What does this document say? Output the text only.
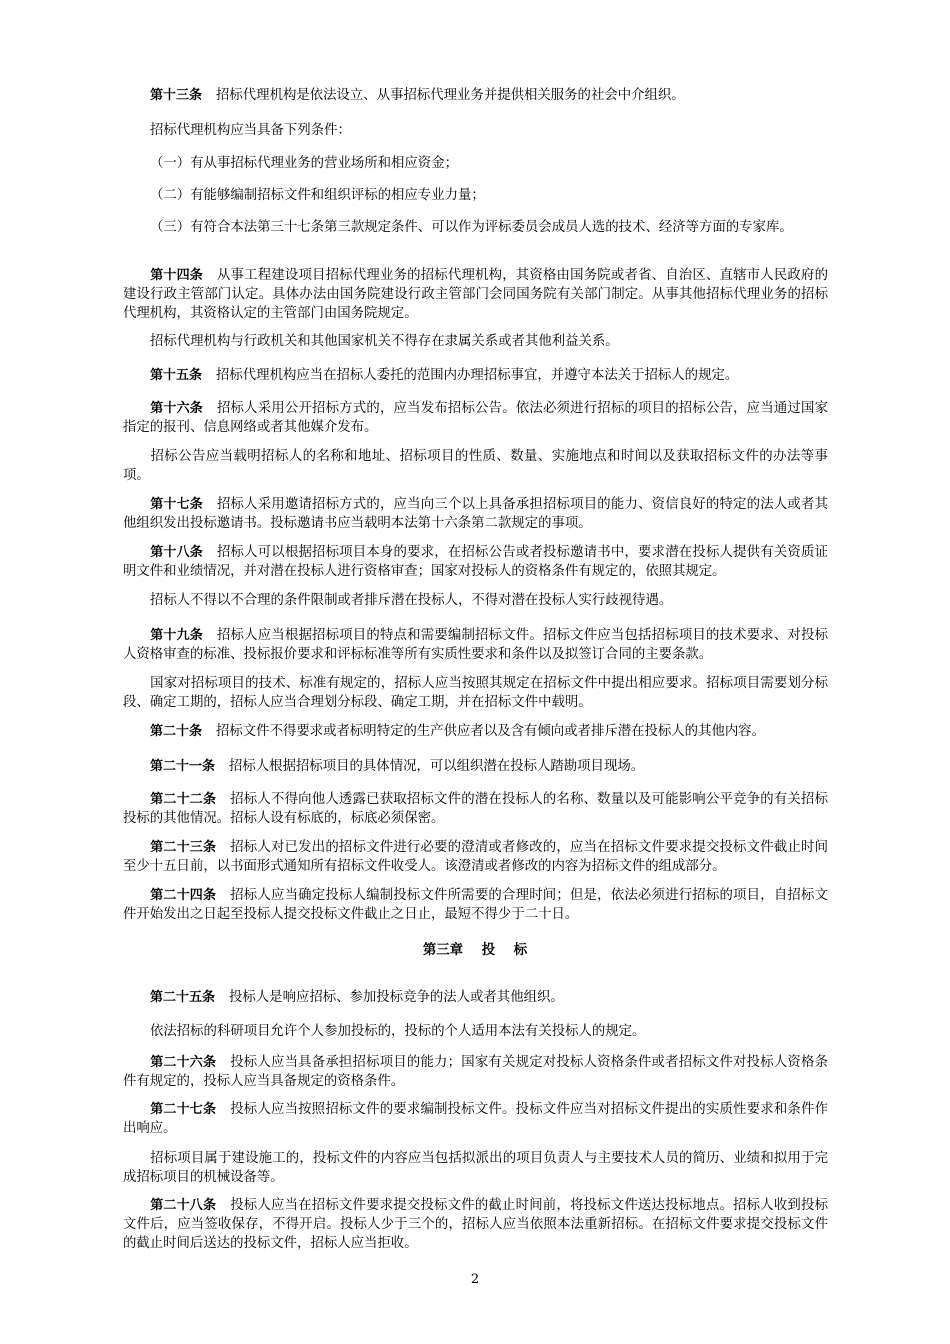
第十三条 招标代理机构是依法设立、从事招标代理业务并提供相关服务的社会中介组织。
招标代理机构应当具备下列条件：
（一）有从事招标代理业务的营业场所和相应资金；
（二）有能够编制招标文件和组织评标的相应专业力量；
（三）有符合本法第三十七条第三款规定条件、可以作为评标委员会成员人选的技术、经济等方面的专家库。
第十四条 从事工程建设项目招标代理业务的招标代理机构，其资格由国务院或者省、自治区、直辖市人民政府的建设行政主管部门认定。具体办法由国务院建设行政主管部门会同国务院有关部门制定。从事其他招标代理业务的招标代理机构，其资格认定的主管部门由国务院规定。
招标代理机构与行政机关和其他国家机关不得存在隶属关系或者其他利益关系。
第十五条 招标代理机构应当在招标人委托的范围内办理招标事宜，并遵守本法关于招标人的规定。
第十六条 招标人采用公开招标方式的，应当发布招标公告。依法必须进行招标的项目的招标公告，应当通过国家指定的报刊、信息网络或者其他媒介发布。
招标公告应当载明招标人的名称和地址、招标项目的性质、数量、实施地点和时间以及获取招标文件的办法等事项。
第十七条 招标人采用邀请招标方式的，应当向三个以上具备承担招标项目的能力、资信良好的特定的法人或者其他组织发出投标邀请书。投标邀请书应当载明本法第十六条第二款规定的事项。
第十八条 招标人可以根据招标项目本身的要求，在招标公告或者投标邀请书中，要求潜在投标人提供有关资质证明文件和业绩情况，并对潜在投标人进行资格审查；国家对投标人的资格条件有规定的，依照其规定。
招标人不得以不合理的条件限制或者排斥潜在投标人，不得对潜在投标人实行歧视待遇。
第十九条 招标人应当根据招标项目的特点和需要编制招标文件。招标文件应当包括招标项目的技术要求、对投标人资格审查的标准、投标报价要求和评标标准等所有实质性要求和条件以及拟签订合同的主要条款。
国家对招标项目的技术、标准有规定的，招标人应当按照其规定在招标文件中提出相应要求。招标项目需要划分标段、确定工期的，招标人应当合理划分标段、确定工期，并在招标文件中载明。
第二十条 招标文件不得要求或者标明特定的生产供应者以及含有倾向或者排斥潜在投标人的其他内容。
第二十一条 招标人根据招标项目的具体情况，可以组织潜在投标人踏勘项目现场。
第二十二条 招标人不得向他人透露已获取招标文件的潜在投标人的名称、数量以及可能影响公平竞争的有关招标投标的其他情况。招标人设有标底的，标底必须保密。
第二十三条 招标人对已发出的招标文件进行必要的澄清或者修改的，应当在招标文件要求提交投标文件截止时间至少十五日前，以书面形式通知所有招标文件收受人。该澄清或者修改的内容为招标文件的组成部分。
第二十四条 招标人应当确定投标人编制投标文件所需要的合理时间；但是，依法必须进行招标的项目，自招标文件开始发出之日起至投标人提交投标文件截止之日止，最短不得少于二十日。
第三章 投 标
第二十五条 投标人是响应招标、参加投标竞争的法人或者其他组织。
依法招标的科研项目允许个人参加投标的，投标的个人适用本法有关投标人的规定。
第二十六条 投标人应当具备承担招标项目的能力；国家有关规定对投标人资格条件或者招标文件对投标人资格条件有规定的，投标人应当具备规定的资格条件。
第二十七条 投标人应当按照招标文件的要求编制投标文件。投标文件应当对招标文件提出的实质性要求和条件作出响应。
招标项目属于建设施工的，投标文件的内容应当包括拟派出的项目负责人与主要技术人员的简历、业绩和拟用于完成招标项目的机械设备等。
第二十八条 投标人应当在招标文件要求提交投标文件的截止时间前，将投标文件送达投标地点。招标人收到投标文件后，应当签收保存，不得开启。投标人少于三个的，招标人应当依照本法重新招标。在招标文件要求提交投标文件的截止时间后送达的投标文件，招标人应当拒收。
2
